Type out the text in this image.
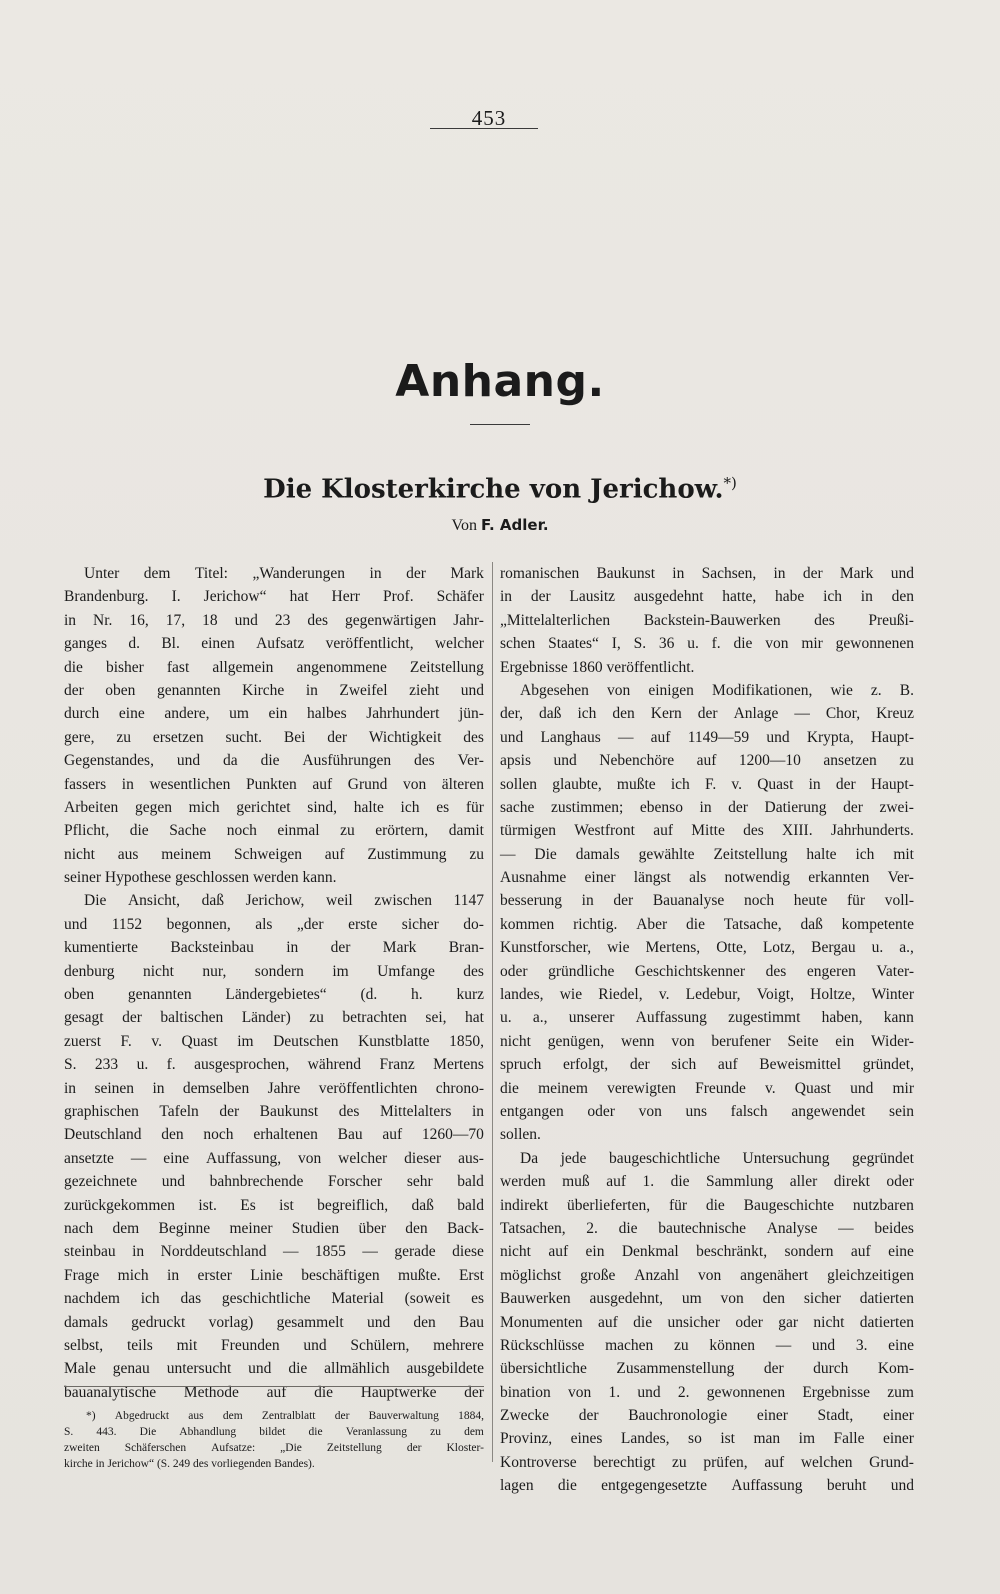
453
Anhang.
Die Klosterkirche von Jerichow.*)
Von F. Adler.
Unter dem Titel: „Wanderungen in der Mark
Brandenburg. I. Jerichow“ hat Herr Prof. Schäfer
in Nr. 16, 17, 18 und 23 des gegenwärtigen Jahr-
ganges d. Bl. einen Aufsatz veröffentlicht, welcher
die bisher fast allgemein angenommene Zeitstellung
der oben genannten Kirche in Zweifel zieht und
durch eine andere, um ein halbes Jahrhundert jün-
gere, zu ersetzen sucht. Bei der Wichtigkeit des
Gegenstandes, und da die Ausführungen des Ver-
fassers in wesentlichen Punkten auf Grund von älteren
Arbeiten gegen mich gerichtet sind, halte ich es für
Pflicht, die Sache noch einmal zu erörtern, damit
nicht aus meinem Schweigen auf Zustimmung zu
seiner Hypothese geschlossen werden kann.
Die Ansicht, daß Jerichow, weil zwischen 1147
und 1152 begonnen, als „der erste sicher do-
kumentierte Backsteinbau in der Mark Bran-
denburg nicht nur, sondern im Umfange des
oben genannten Ländergebietes“ (d. h. kurz
gesagt der baltischen Länder) zu betrachten sei, hat
zuerst F. v. Quast im Deutschen Kunstblatte 1850,
S. 233 u. f. ausgesprochen, während Franz Mertens
in seinen in demselben Jahre veröffentlichten chrono-
graphischen Tafeln der Baukunst des Mittelalters in
Deutschland den noch erhaltenen Bau auf 1260—70
ansetzte — eine Auffassung, von welcher dieser aus-
gezeichnete und bahnbrechende Forscher sehr bald
zurückgekommen ist. Es ist begreiflich, daß bald
nach dem Beginne meiner Studien über den Back-
steinbau in Norddeutschland — 1855 — gerade diese
Frage mich in erster Linie beschäftigen mußte. Erst
nachdem ich das geschichtliche Material (soweit es
damals gedruckt vorlag) gesammelt und den Bau
selbst, teils mit Freunden und Schülern, mehrere
Male genau untersucht und die allmählich ausgebildete
bauanalytische Methode auf die Hauptwerke der
romanischen Baukunst in Sachsen, in der Mark und
in der Lausitz ausgedehnt hatte, habe ich in den
„Mittelalterlichen Backstein-Bauwerken des Preußi-
schen Staates“ I, S. 36 u. f. die von mir gewonnenen
Ergebnisse 1860 veröffentlicht.
Abgesehen von einigen Modifikationen, wie z. B.
der, daß ich den Kern der Anlage — Chor, Kreuz
und Langhaus — auf 1149—59 und Krypta, Haupt-
apsis und Nebenchöre auf 1200—10 ansetzen zu
sollen glaubte, mußte ich F. v. Quast in der Haupt-
sache zustimmen; ebenso in der Datierung der zwei-
türmigen Westfront auf Mitte des XIII. Jahrhunderts.
— Die damals gewählte Zeitstellung halte ich mit
Ausnahme einer längst als notwendig erkannten Ver-
besserung in der Bauanalyse noch heute für voll-
kommen richtig. Aber die Tatsache, daß kompetente
Kunstforscher, wie Mertens, Otte, Lotz, Bergau u. a.,
oder gründliche Geschichtskenner des engeren Vater-
landes, wie Riedel, v. Ledebur, Voigt, Holtze, Winter
u. a., unserer Auffassung zugestimmt haben, kann
nicht genügen, wenn von berufener Seite ein Wider-
spruch erfolgt, der sich auf Beweismittel gründet,
die meinem verewigten Freunde v. Quast und mir
entgangen oder von uns falsch angewendet sein
sollen.
Da jede baugeschichtliche Untersuchung gegründet
werden muß auf 1. die Sammlung aller direkt oder
indirekt überlieferten, für die Baugeschichte nutzbaren
Tatsachen, 2. die bautechnische Analyse — beides
nicht auf ein Denkmal beschränkt, sondern auf eine
möglichst große Anzahl von angenähert gleichzeitigen
Bauwerken ausgedehnt, um von den sicher datierten
Monumenten auf die unsicher oder gar nicht datierten
Rückschlüsse machen zu können — und 3. eine
übersichtliche Zusammenstellung der durch Kom-
bination von 1. und 2. gewonnenen Ergebnisse zum
Zwecke der Bauchronologie einer Stadt, einer
Provinz, eines Landes, so ist man im Falle einer
Kontroverse berechtigt zu prüfen, auf welchen Grund-
lagen die entgegengesetzte Auffassung beruht und
*) Abgedruckt aus dem Zentralblatt der Bauverwaltung 1884,
S. 443. Die Abhandlung bildet die Veranlassung zu dem
zweiten Schäferschen Aufsatze: „Die Zeitstellung der Kloster-
kirche in Jerichow“ (S. 249 des vorliegenden Bandes).
